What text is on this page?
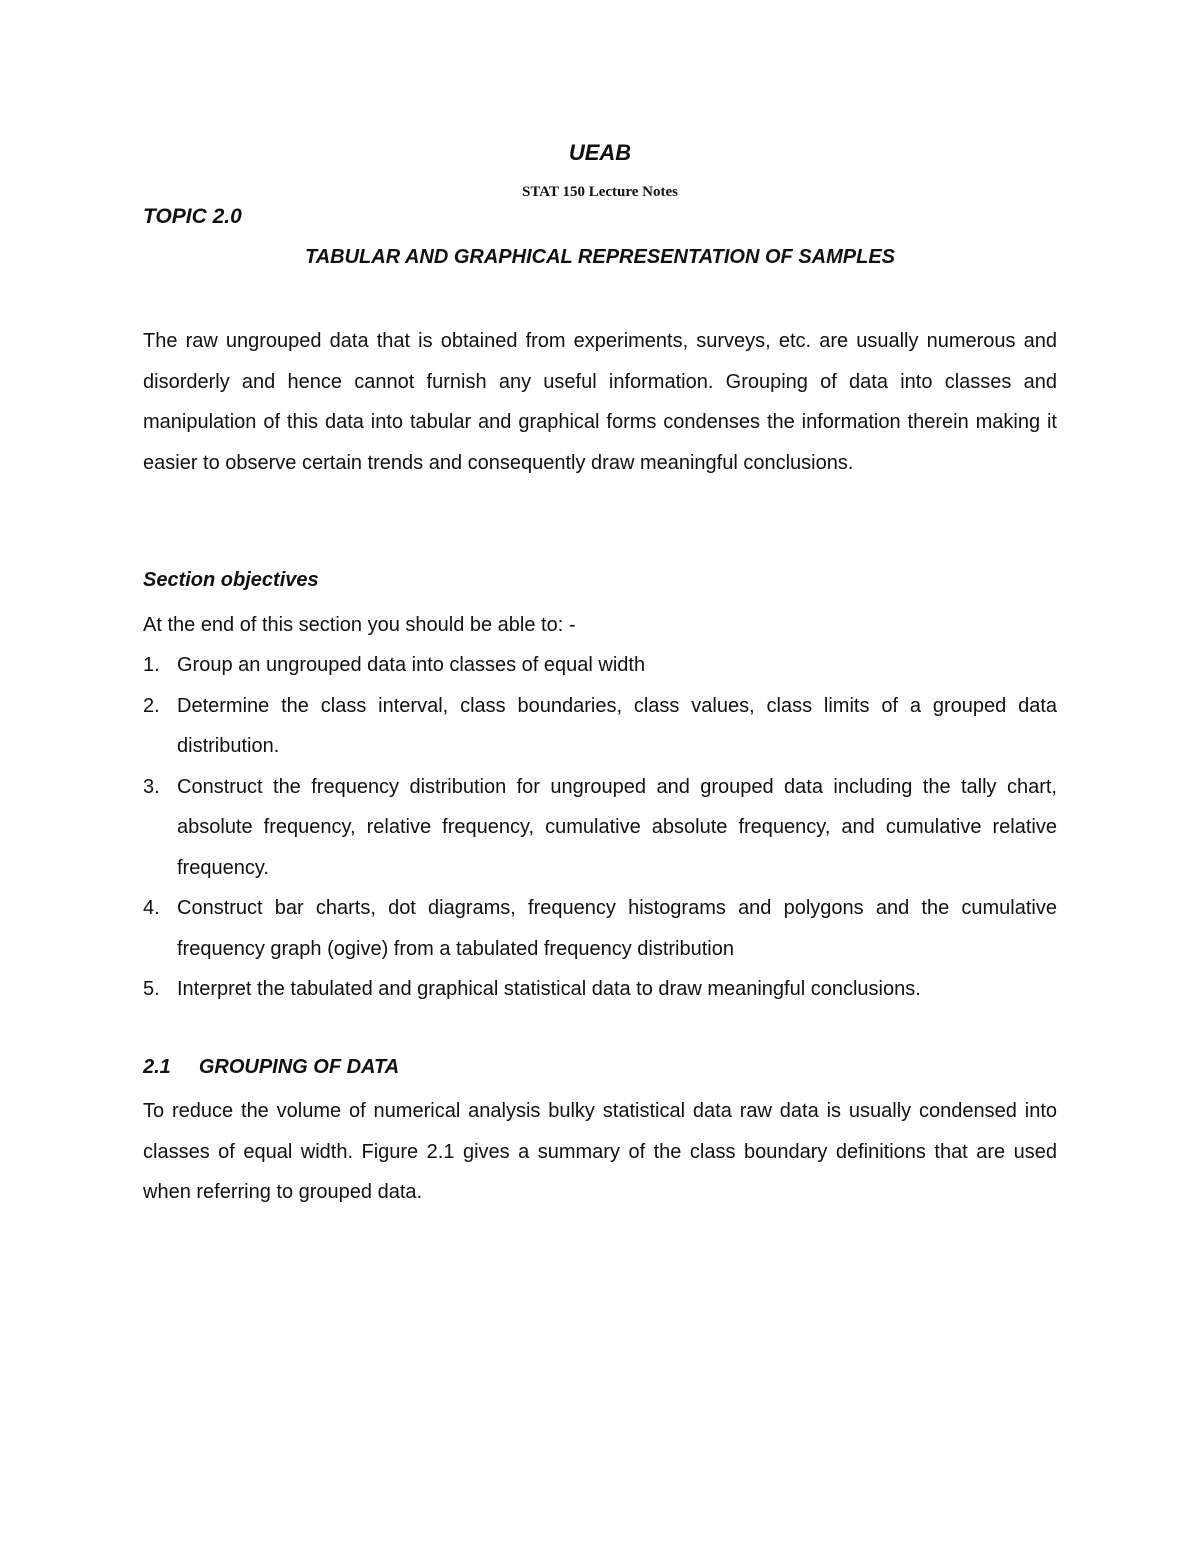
UEAB
STAT 150 Lecture Notes
TOPIC 2.0
TABULAR AND GRAPHICAL REPRESENTATION OF SAMPLES
The raw ungrouped data that is obtained from experiments, surveys, etc. are usually numerous and disorderly and hence cannot furnish any useful information. Grouping of data into classes and manipulation of this data into tabular and graphical forms condenses the information therein making it easier to observe certain trends and consequently draw meaningful conclusions.
Section objectives
At the end of this section you should be able to: -
1. Group an ungrouped data into classes of equal width
2. Determine the class interval, class boundaries, class values, class limits of a grouped data distribution.
3. Construct the frequency distribution for ungrouped and grouped data including the tally chart, absolute frequency, relative frequency, cumulative absolute frequency, and cumulative relative frequency.
4. Construct bar charts, dot diagrams, frequency histograms and polygons and the cumulative frequency graph (ogive) from a tabulated frequency distribution
5. Interpret the tabulated and graphical statistical data to draw meaningful conclusions.
2.1 GROUPING OF DATA
To reduce the volume of numerical analysis bulky statistical data raw data is usually condensed into classes of equal width. Figure 2.1 gives a summary of the class boundary definitions that are used when referring to grouped data.
